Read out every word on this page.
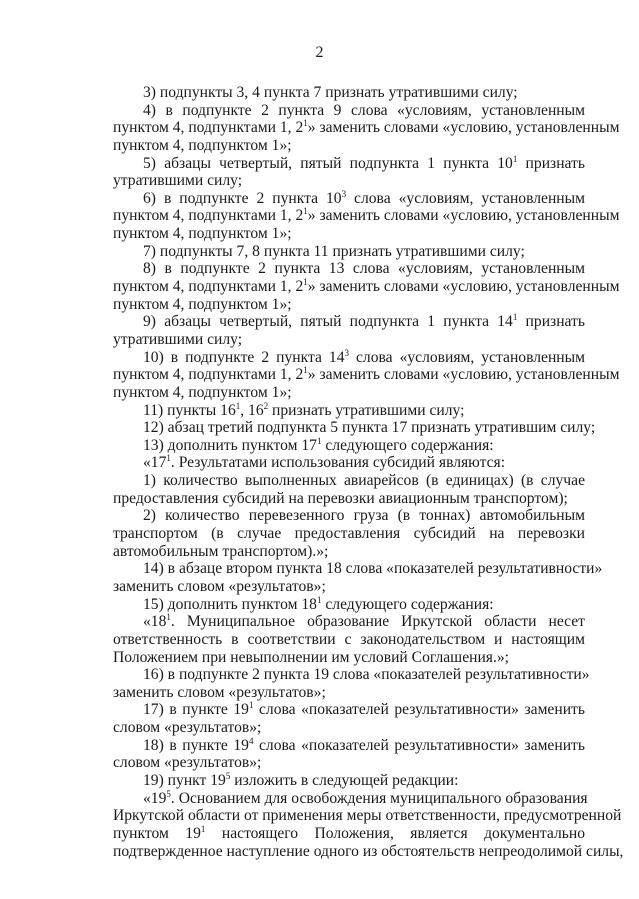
2
3) подпункты 3, 4 пункта 7 признать утратившими силу;
4) в подпункте 2 пункта 9 слова «условиям, установленным
пунктом 4, подпунктами 1, $2^1$» заменить словами «условию, установленным
пунктом 4, подпунктом 1»;
5) абзацы четвертый, пятый подпункта 1 пункта $10^1$ признать
утратившими силу;
6) в подпункте 2 пункта $10^3$ слова «условиям, установленным
пунктом 4, подпунктами 1, $2^1$» заменить словами «условию, установленным
пунктом 4, подпунктом 1»;
7) подпункты 7, 8 пункта 11 признать утратившими силу;
8) в подпункте 2 пункта 13 слова «условиям, установленным
пунктом 4, подпунктами 1, $2^1$» заменить словами «условию, установленным
пунктом 4, подпунктом 1»;
9) абзацы четвертый, пятый подпункта 1 пункта $14^1$ признать
утратившими силу;
10) в подпункте 2 пункта $14^3$ слова «условиям, установленным
пунктом 4, подпунктами 1, $2^1$» заменить словами «условию, установленным
пунктом 4, подпунктом 1»;
11) пункты $16^1$, $16^2$ признать утратившими силу;
12) абзац третий подпункта 5 пункта 17 признать утратившим силу;
13) дополнить пунктом $17^1$ следующего содержания:
«$17^1$. Результатами использования субсидий являются:
1) количество выполненных авиарейсов (в единицах) (в случае
предоставления субсидий на перевозки авиационным транспортом);
2) количество перевезенного груза (в тоннах) автомобильным
транспортом (в случае предоставления субсидий на перевозки
автомобильным транспортом).»;
14) в абзаце втором пункта 18 слова «показателей результативности»
заменить словом «результатов»;
15) дополнить пунктом $18^1$ следующего содержания:
«$18^1$. Муниципальное образование Иркутской области несет
ответственность в соответствии с законодательством и настоящим
Положением при невыполнении им условий Соглашения.»;
16) в подпункте 2 пункта 19 слова «показателей результативности»
заменить словом «результатов»;
17) в пункте $19^1$ слова «показателей результативности» заменить
словом «результатов»;
18) в пункте $19^4$ слова «показателей результативности» заменить
словом «результатов»;
19) пункт $19^5$ изложить в следующей редакции:
«$19^5$. Основанием для освобождения муниципального образования
Иркутской области от применения меры ответственности, предусмотренной
пунктом $19^1$ настоящего Положения, является документально
подтвержденное наступление одного из обстоятельств непреодолимой силы,
